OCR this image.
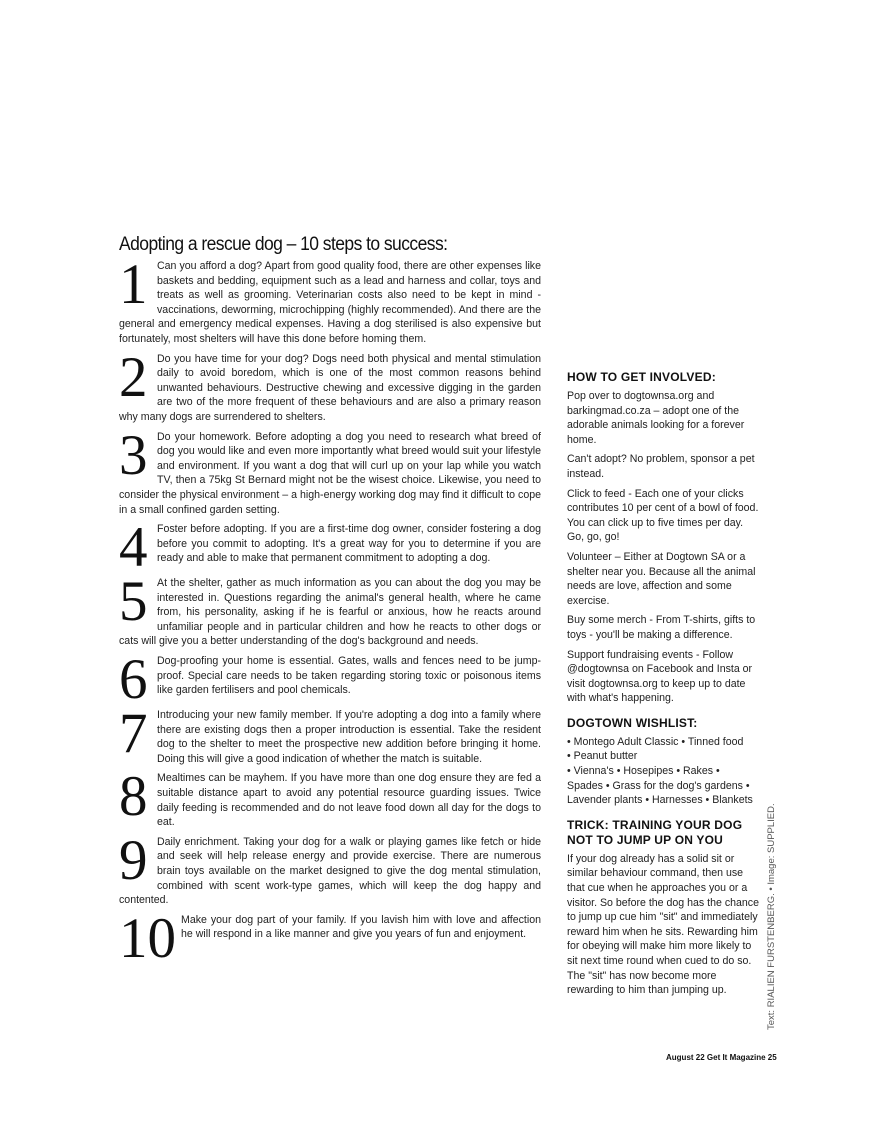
Adopting a rescue dog – 10 steps to success:
1 Can you afford a dog? Apart from good quality food, there are other expenses like baskets and bedding, equipment such as a lead and harness and collar, toys and treats as well as grooming. Veterinarian costs also need to be kept in mind - vaccinations, deworming, microchipping (highly recommended). And there are the general and emergency medical expenses. Having a dog sterilised is also expensive but fortunately, most shelters will have this done before homing them.

2 Do you have time for your dog? Dogs need both physical and mental stimulation daily to avoid boredom, which is one of the most common reasons behind unwanted behaviours. Destructive chewing and excessive digging in the garden are two of the more frequent of these behaviours and are also a primary reason why many dogs are surrendered to shelters.

3 Do your homework. Before adopting a dog you need to research what breed of dog you would like and even more importantly what breed would suit your lifestyle and environment. If you want a dog that will curl up on your lap while you watch TV, then a 75kg St Bernard might not be the wisest choice. Likewise, you need to consider the physical environment – a high-energy working dog may find it difficult to cope in a small confined garden setting.

4 Foster before adopting. If you are a first-time dog owner, consider fostering a dog before you commit to adopting. It's a great way for you to determine if you are ready and able to make that permanent commitment to adopting a dog.

5 At the shelter, gather as much information as you can about the dog you may be interested in. Questions regarding the animal's general health, where he came from, his personality, asking if he is fearful or anxious, how he reacts around unfamiliar people and in particular children and how he reacts to other dogs or cats will give you a better understanding of the dog's background and needs.

6 Dog-proofing your home is essential. Gates, walls and fences need to be jump-proof. Special care needs to be taken regarding storing toxic or poisonous items like garden fertilisers and pool chemicals.

7 Introducing your new family member. If you're adopting a dog into a family where there are existing dogs then a proper introduction is essential. Take the resident dog to the shelter to meet the prospective new addition before bringing it home. Doing this will give a good indication of whether the match is suitable.

8 Mealtimes can be mayhem. If you have more than one dog ensure they are fed a suitable distance apart to avoid any potential resource guarding issues. Twice daily feeding is recommended and do not leave food down all day for the dogs to eat.

9 Daily enrichment. Taking your dog for a walk or playing games like fetch or hide and seek will help release energy and provide exercise. There are numerous brain toys available on the market designed to give the dog mental stimulation, combined with scent work-type games, which will keep the dog happy and contented.

10 Make your dog part of your family. If you lavish him with love and affection he will respond in a like manner and give you years of fun and enjoyment.

HOW TO GET INVOLVED:

Pop over to dogtownsa.org and barkingmad.co.za – adopt one of the adorable animals looking for a forever home.

Can't adopt? No problem, sponsor a pet instead.

Click to feed - Each one of your clicks contributes 10 per cent of a bowl of food. You can click up to five times per day. Go, go, go!

Volunteer – Either at Dogtown SA or a shelter near you. Because all the animal needs are love, affection and some exercise.

Buy some merch - From T-shirts, gifts to toys - you'll be making a difference.

Support fundraising events - Follow @dogtownsa on Facebook and Insta or visit dogtownsa.org to keep up to date with what's happening.

DOGTOWN WISHLIST:

• Montego Adult Classic • Tinned food

• Peanut butter

• Vienna's • Hosepipes • Rakes •

Spades • Grass for the dog's gardens •

Lavender plants • Harnesses • Blankets

TRICK: TRAINING YOUR DOG NOT TO JUMP UP ON YOU

If your dog already has a solid sit or similar behaviour command, then use that cue when he approaches you or a visitor. So before the dog has the chance to jump up cue him "sit" and immediately reward him when he sits. Rewarding him for obeying will make him more likely to sit next time round when cued to do so. The "sit" has now become more rewarding to him than jumping up.	Text: RIALIEN FURSTENBERG. • Image: SUPPLIED.
August 22 Get It Magazine 25
